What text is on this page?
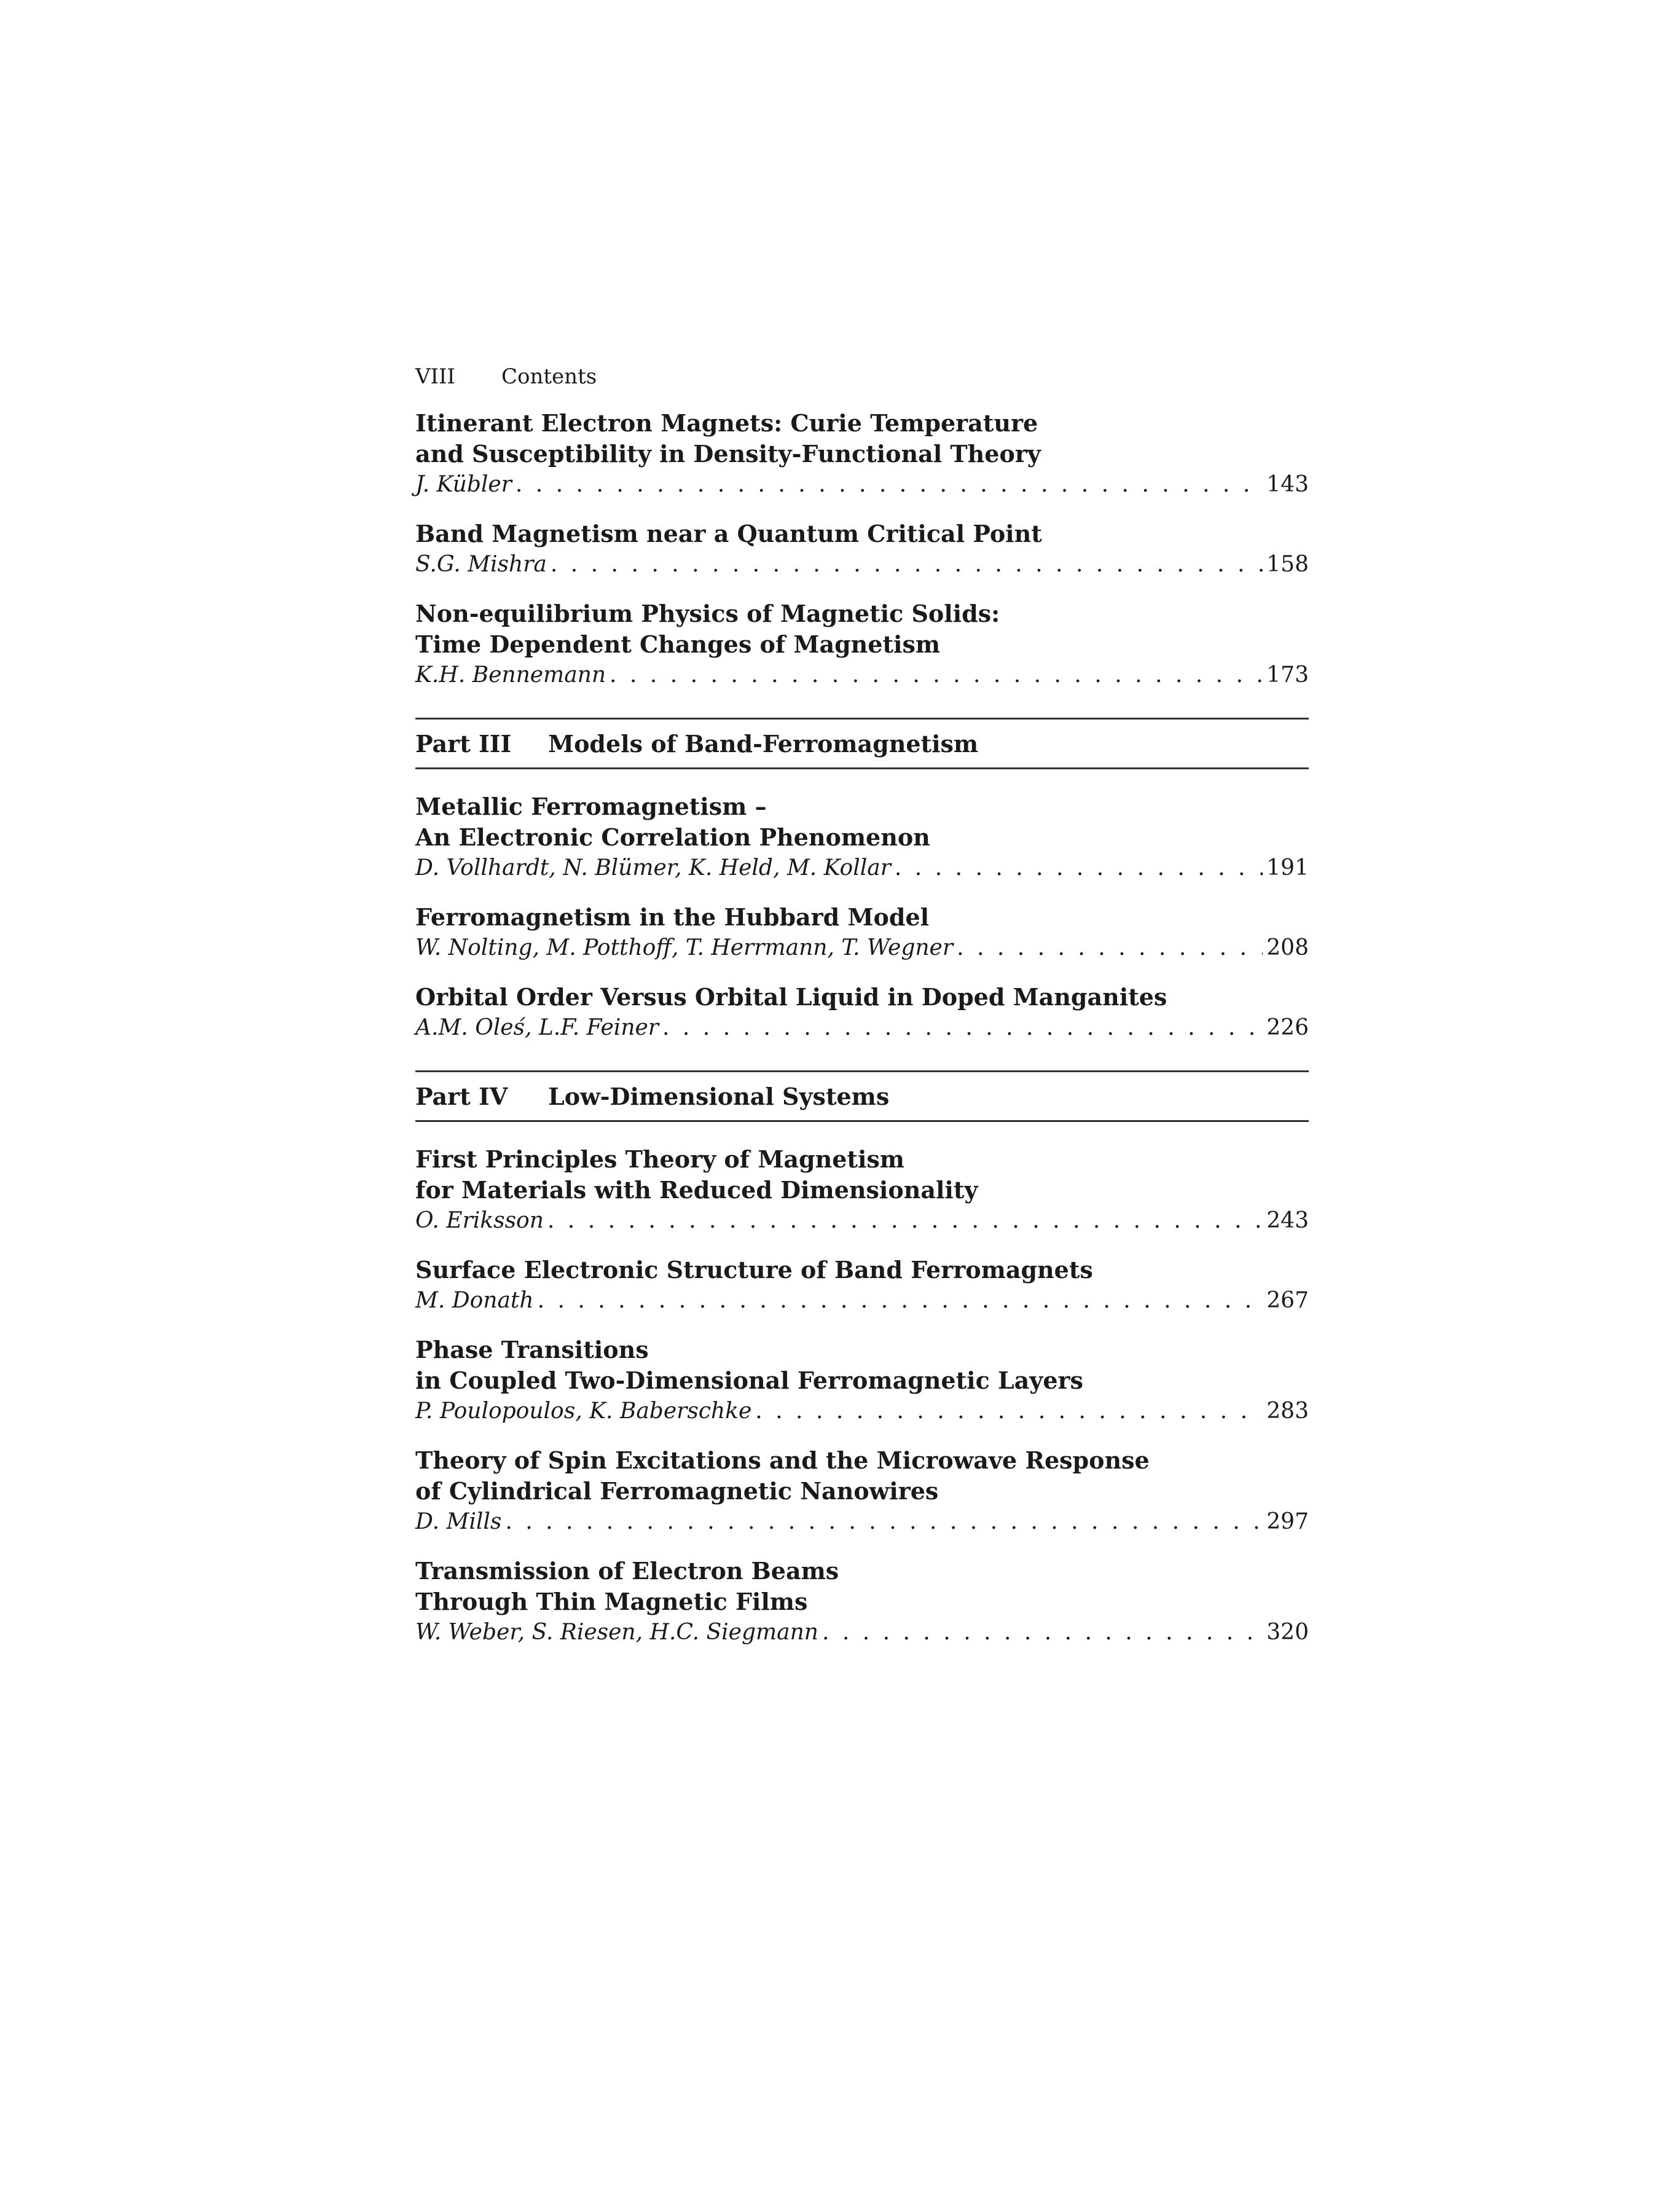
VIII Contents
Itinerant Electron Magnets: Curie Temperature
and Susceptibility in Density-Functional Theory
J. Kübler . . .	143
Band Magnetism near a Quantum Critical Point
S.G. Mishra . . .	158
Non-equilibrium Physics of Magnetic Solids:
Time Dependent Changes of Magnetism
K.H. Bennemann . . .	173
Part III	Models of Band-Ferromagnetism
Metallic Ferromagnetism –
An Electronic Correlation Phenomenon
D. Vollhardt, N. Blümer, K. Held, M. Kollar . . .	191
Ferromagnetism in the Hubbard Model
W. Nolting, M. Potthoff, T. Herrmann, T. Wegner . . .	208
Orbital Order Versus Orbital Liquid in Doped Manganites
A.M. Oleś, L.F. Feiner . . .	226
Part IV	Low-Dimensional Systems
First Principles Theory of Magnetism
for Materials with Reduced Dimensionality
O. Eriksson . . .	243
Surface Electronic Structure of Band Ferromagnets
M. Donath . . .	267
Phase Transitions
in Coupled Two-Dimensional Ferromagnetic Layers
P. Poulopoulos, K. Baberschke . . .	283
Theory of Spin Excitations and the Microwave Response
of Cylindrical Ferromagnetic Nanowires
D. Mills . . .	297
Transmission of Electron Beams
Through Thin Magnetic Films
W. Weber, S. Riesen, H.C. Siegmann . . .	320
